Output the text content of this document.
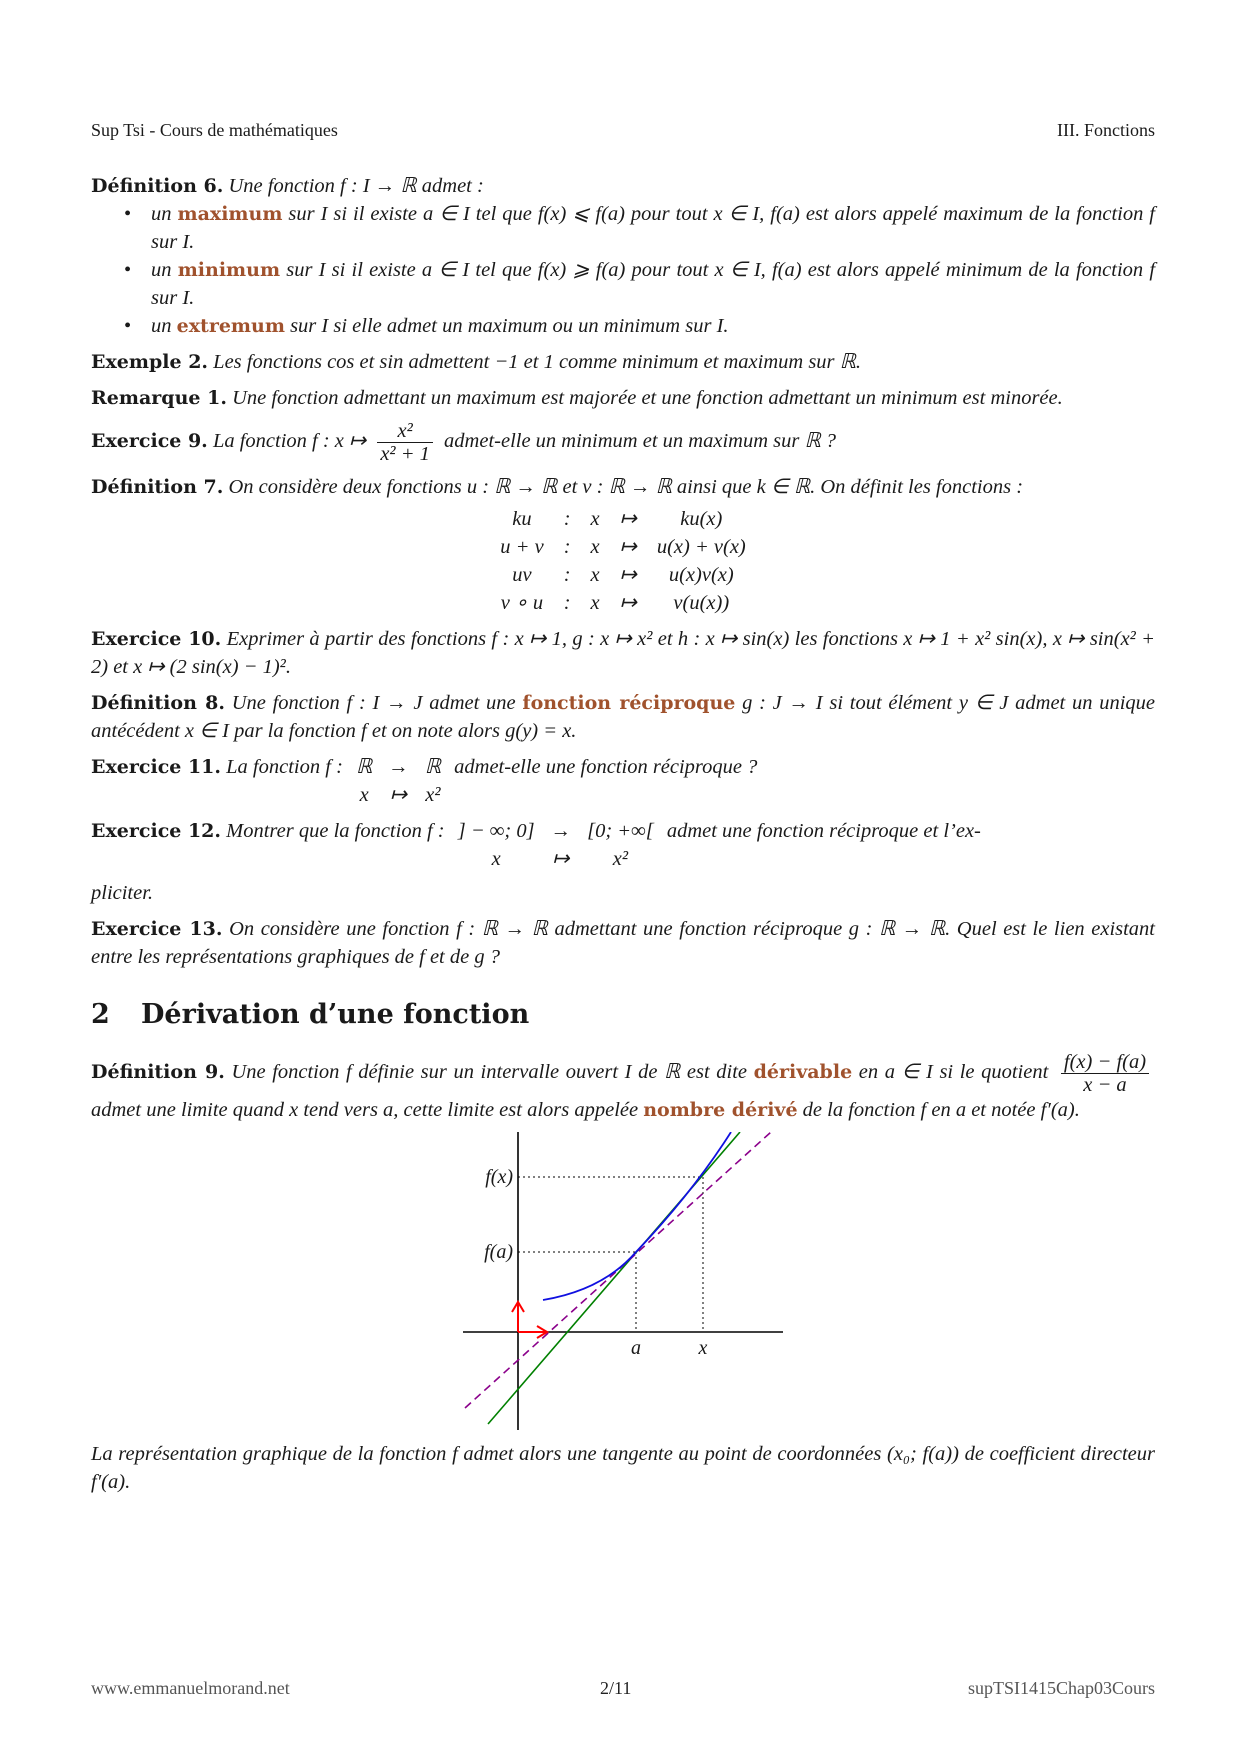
Sup Tsi - Cours de mathématiques	III. Fonctions
Définition 6. Une fonction f : I → ℝ admet :
• un maximum sur I si il existe a ∈ I tel que f(x) ⩽ f(a) pour tout x ∈ I, f(a) est alors appelé maximum de la fonction f sur I.
• un minimum sur I si il existe a ∈ I tel que f(x) ⩾ f(a) pour tout x ∈ I, f(a) est alors appelé minimum de la fonction f sur I.
• un extremum sur I si elle admet un maximum ou un minimum sur I.
Exemple 2. Les fonctions cos et sin admettent −1 et 1 comme minimum et maximum sur ℝ.
Remarque 1. Une fonction admettant un maximum est majorée et une fonction admettant un minimum est minorée.
Exercice 9. La fonction f : x ↦ $\frac{\text{x²}}{\text{x² + 1}}$ admet-elle un minimum et un maximum sur ℝ ?
Définition 7. On considère deux fonctions u : ℝ → ℝ et v : ℝ → ℝ ainsi que k ∈ ℝ. On définit les fonctions :
ku	:	x	↦	ku(x)
u + v	:	x	↦	u(x) + v(x)
uv	:	x	↦	u(x)v(x)
v ∘ u	:	x	↦	v(u(x))
Exercice 10. Exprimer à partir des fonctions f : x ↦ 1, g : x ↦ x² et h : x ↦ sin(x) les fonctions x ↦ 1 + x² sin(x), x ↦ sin(x² + 2) et x ↦ (2 sin(x) − 1)².
Définition 8. Une fonction f : I → J admet une fonction réciproque g : J → I si tout élément y ∈ J admet un unique antécédent x ∈ I par la fonction f et on note alors g(y) = x.
Exercice 11. La fonction f : ℝ	→	ℝ
x	↦	x² admet-elle une fonction réciproque ?
Exercice 12. Montrer que la fonction f : ] − ∞; 0]	→	[0; +∞[
x	↦	x² admet une fonction réciproque et l’ex-
pliciter.
Exercice 13. On considère une fonction f : ℝ → ℝ admettant une fonction réciproque g : ℝ → ℝ. Quel est le lien existant entre les représentations graphiques de f et de g ?
2 Dérivation d’une fonction
Définition 9. Une fonction f définie sur un intervalle ouvert I de ℝ est dite dérivable en a ∈ I si le quotient $\frac{f(x) - f(a)}{x - a}$
admet une limite quand x tend vers a, cette limite est alors appelée nombre dérivé de la fonction f en a et notée f′(a).
f(x)
f(a)
a	x
La représentation graphique de la fonction f admet alors une tangente au point de coordonnées (x₀; f(a)) de coefficient directeur f′(a).
www.emmanuelmorand.net	2/11	supTSI1415Chap03Cours
